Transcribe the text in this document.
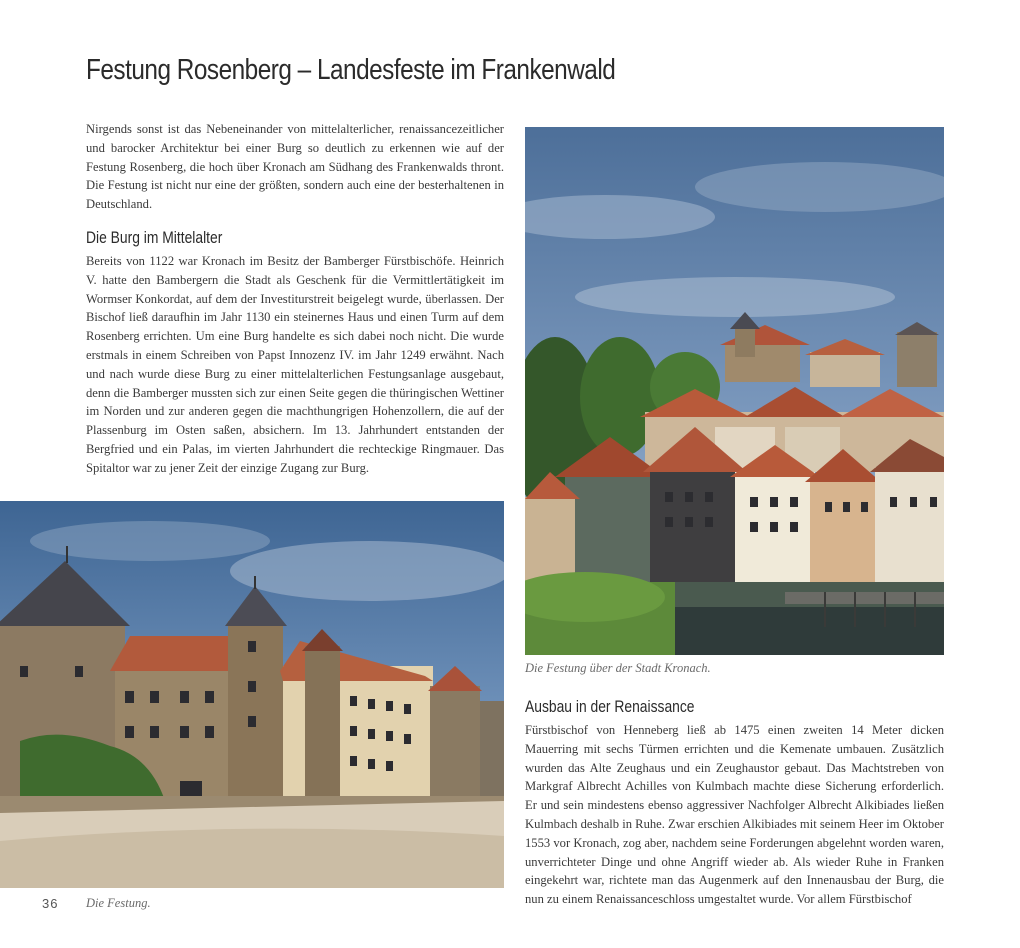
Festung Rosenberg – Landesfeste im Frankenwald

Nirgends sonst ist das Nebeneinander von mittelalterlicher, renaissancezeitlicher und barocker Architektur bei einer Burg so deutlich zu erkennen wie auf der Festung Rosenberg, die hoch über Kronach am Südhang des Frankenwalds thront. Die Festung ist nicht nur eine der größten, sondern auch eine der besterhaltenen in Deutschland.

Die Burg im Mittelalter

Bereits von 1122 war Kronach im Besitz der Bamberger Fürstbischöfe. Heinrich V. hatte den Bambergern die Stadt als Geschenk für die Vermittlertätigkeit im Wormser Konkordat, auf dem der Investiturstreit beigelegt wurde, überlassen. Der Bischof ließ daraufhin im Jahr 1130 ein steinernes Haus und einen Turm auf dem Rosenberg errichten. Um eine Burg handelte es sich dabei noch nicht. Die wurde erstmals in einem Schreiben von Papst Innozenz IV. im Jahr 1249 erwähnt. Nach und nach wurde diese Burg zu einer mittelalterlichen Festungsanlage ausgebaut, denn die Bamberger mussten sich zur einen Seite gegen die thüringischen Wettiner im Norden und zur anderen gegen die machthungrigen Hohenzollern, die auf der Plassenburg im Osten saßen, absichern. Im 13. Jahrhundert entstanden der Bergfried und ein Palas, im vierten Jahrhundert die rechteckige Ringmauer. Das Spitaltor war zu jener Zeit der einzige Zugang zur Burg.

Die Festung über der Stadt Kronach.

Ausbau in der Renaissance

Fürstbischof von Henneberg ließ ab 1475 einen zweiten 14 Meter dicken Mauerring mit sechs Türmen errichten und die Kemenate umbauen. Zusätzlich wurden das Alte Zeughaus und ein Zeughaustor gebaut. Das Machtstreben von Markgraf Albrecht Achilles von Kulmbach machte diese Sicherung erforderlich. Er und sein mindestens ebenso aggressiver Nachfolger Albrecht Alkibiades ließen Kulmbach deshalb in Ruhe. Zwar erschien Alkibiades mit seinem Heer im Oktober 1553 vor Kronach, zog aber, nachdem seine Forderungen abgelehnt worden waren, unverrichteter Dinge und ohne Angriff wieder ab. Als wieder Ruhe in Franken eingekehrt war, richtete man das Augenmerk auf den Innenausbau der Burg, die nun zu einem Renaissanceschloss umgestaltet wurde. Vor allem Fürstbischof

36 Die Festung.
